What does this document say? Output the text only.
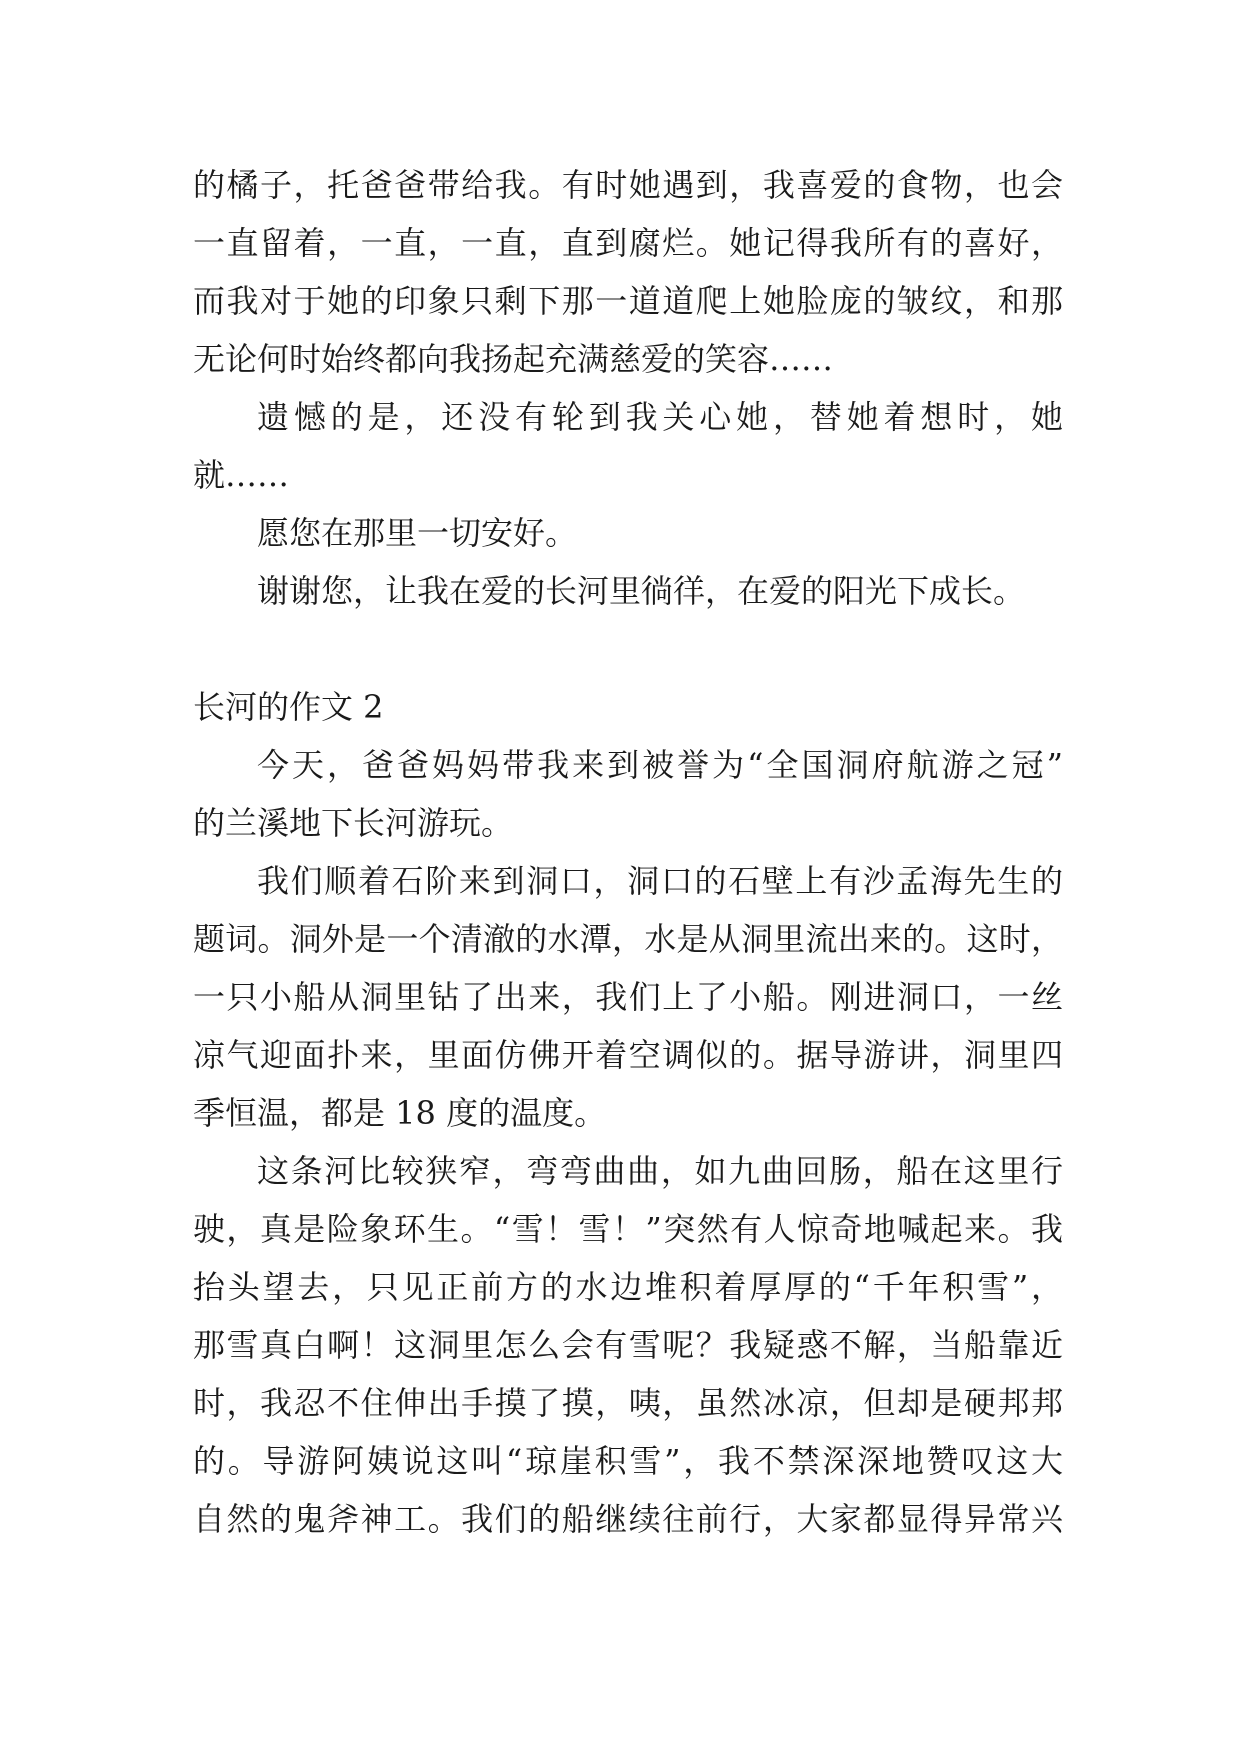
的橘子，托爸爸带给我。有时她遇到，我喜爱的食物，也会
一直留着，一直，一直，直到腐烂。她记得我所有的喜好，
而我对于她的印象只剩下那一道道爬上她脸庞的皱纹，和那
无论何时始终都向我扬起充满慈爱的笑容……
遗憾的是，还没有轮到我关心她，替她着想时，她
就……
愿您在那里一切安好。
谢谢您，让我在爱的长河里徜徉，在爱的阳光下成长。
长河的作文 2
今天，爸爸妈妈带我来到被誉为“全国洞府航游之冠”
的兰溪地下长河游玩。
我们顺着石阶来到洞口，洞口的石壁上有沙孟海先生的
题词。洞外是一个清澈的水潭，水是从洞里流出来的。这时，
一只小船从洞里钻了出来，我们上了小船。刚进洞口，一丝
凉气迎面扑来，里面仿佛开着空调似的。据导游讲，洞里四
季恒温，都是 18 度的温度。
这条河比较狭窄，弯弯曲曲，如九曲回肠，船在这里行
驶，真是险象环生。“雪！雪！”突然有人惊奇地喊起来。我
抬头望去，只见正前方的水边堆积着厚厚的“千年积雪”，
那雪真白啊！这洞里怎么会有雪呢？我疑惑不解，当船靠近
时，我忍不住伸出手摸了摸，咦，虽然冰凉，但却是硬邦邦
的。导游阿姨说这叫“琼崖积雪”，我不禁深深地赞叹这大
自然的鬼斧神工。我们的船继续往前行，大家都显得异常兴
